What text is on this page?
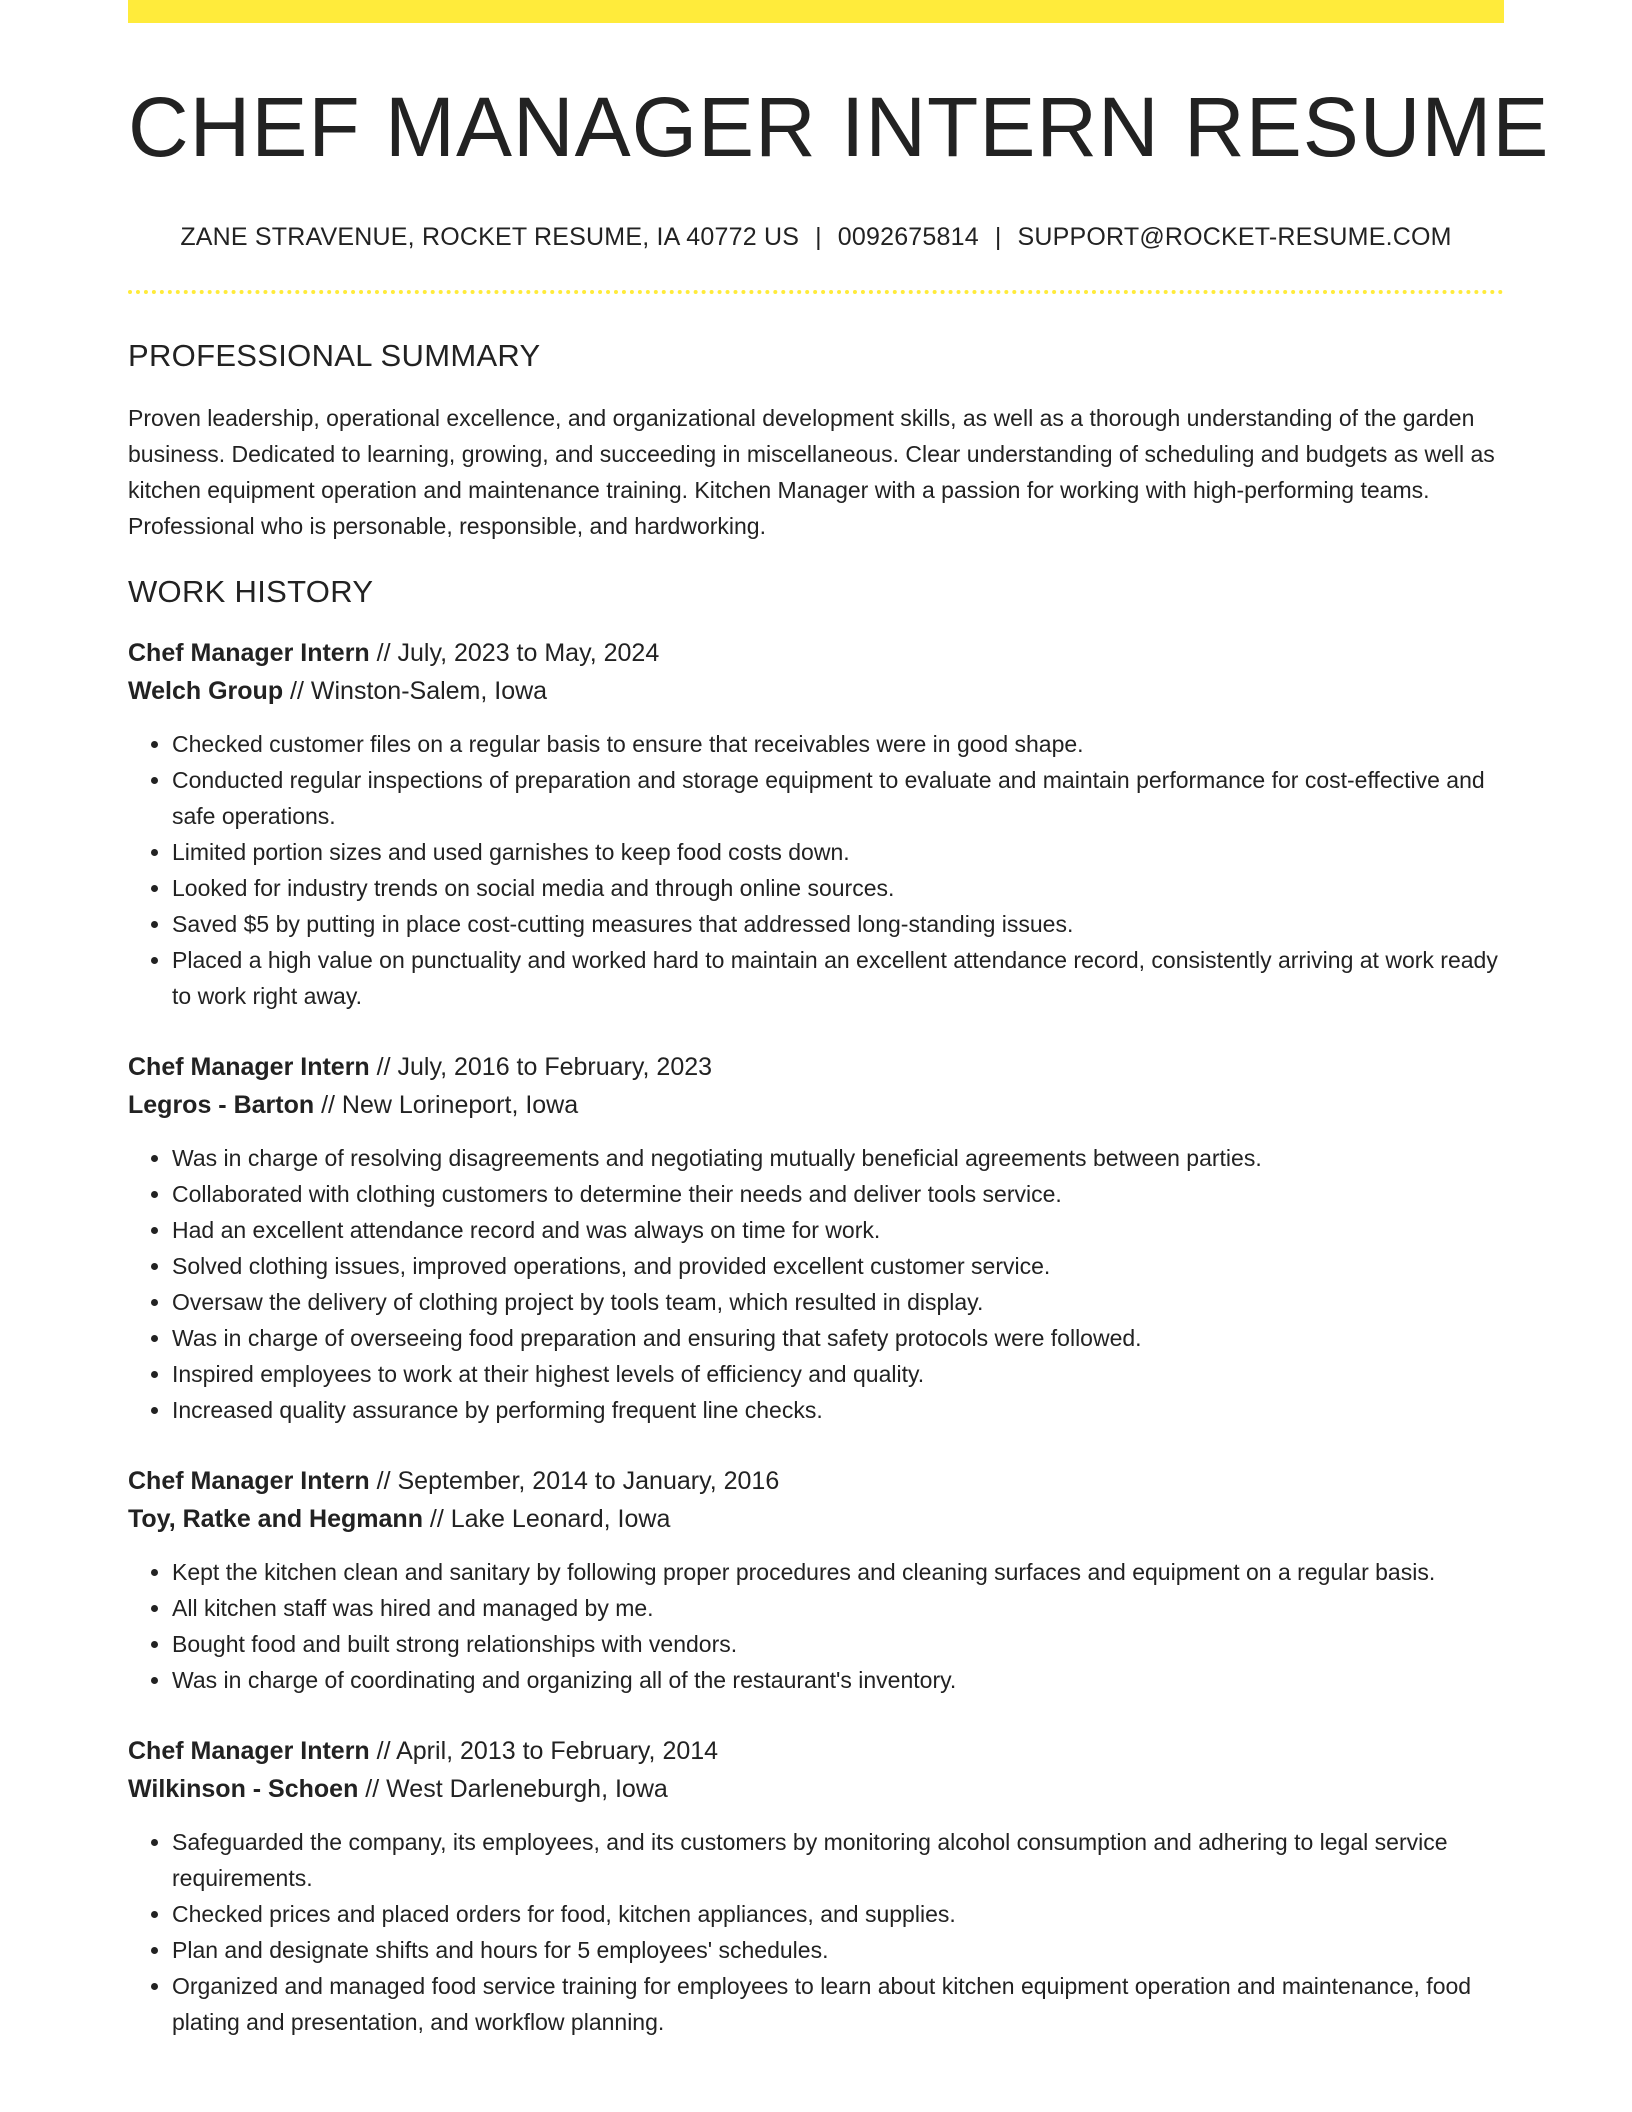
CHEF MANAGER INTERN RESUME
ZANE STRAVENUE, ROCKET RESUME, IA 40772 US | 0092675814 | SUPPORT@ROCKET-RESUME.COM
PROFESSIONAL SUMMARY
Proven leadership, operational excellence, and organizational development skills, as well as a thorough understanding of the garden business. Dedicated to learning, growing, and succeeding in miscellaneous. Clear understanding of scheduling and budgets as well as kitchen equipment operation and maintenance training. Kitchen Manager with a passion for working with high-performing teams. Professional who is personable, responsible, and hardworking.
WORK HISTORY
Chef Manager Intern // July, 2023 to May, 2024
Welch Group // Winston-Salem, Iowa
• Checked customer files on a regular basis to ensure that receivables were in good shape.
• Conducted regular inspections of preparation and storage equipment to evaluate and maintain performance for cost-effective and safe operations.
• Limited portion sizes and used garnishes to keep food costs down.
• Looked for industry trends on social media and through online sources.
• Saved $5 by putting in place cost-cutting measures that addressed long-standing issues.
• Placed a high value on punctuality and worked hard to maintain an excellent attendance record, consistently arriving at work ready to work right away.
Chef Manager Intern // July, 2016 to February, 2023
Legros - Barton // New Lorineport, Iowa
• Was in charge of resolving disagreements and negotiating mutually beneficial agreements between parties.
• Collaborated with clothing customers to determine their needs and deliver tools service.
• Had an excellent attendance record and was always on time for work.
• Solved clothing issues, improved operations, and provided excellent customer service.
• Oversaw the delivery of clothing project by tools team, which resulted in display.
• Was in charge of overseeing food preparation and ensuring that safety protocols were followed.
• Inspired employees to work at their highest levels of efficiency and quality.
• Increased quality assurance by performing frequent line checks.
Chef Manager Intern // September, 2014 to January, 2016
Toy, Ratke and Hegmann // Lake Leonard, Iowa
• Kept the kitchen clean and sanitary by following proper procedures and cleaning surfaces and equipment on a regular basis.
• All kitchen staff was hired and managed by me.
• Bought food and built strong relationships with vendors.
• Was in charge of coordinating and organizing all of the restaurant's inventory.
Chef Manager Intern // April, 2013 to February, 2014
Wilkinson - Schoen // West Darleneburgh, Iowa
• Safeguarded the company, its employees, and its customers by monitoring alcohol consumption and adhering to legal service requirements.
• Checked prices and placed orders for food, kitchen appliances, and supplies.
• Plan and designate shifts and hours for 5 employees' schedules.
• Organized and managed food service training for employees to learn about kitchen equipment operation and maintenance, food plating and presentation, and workflow planning.
